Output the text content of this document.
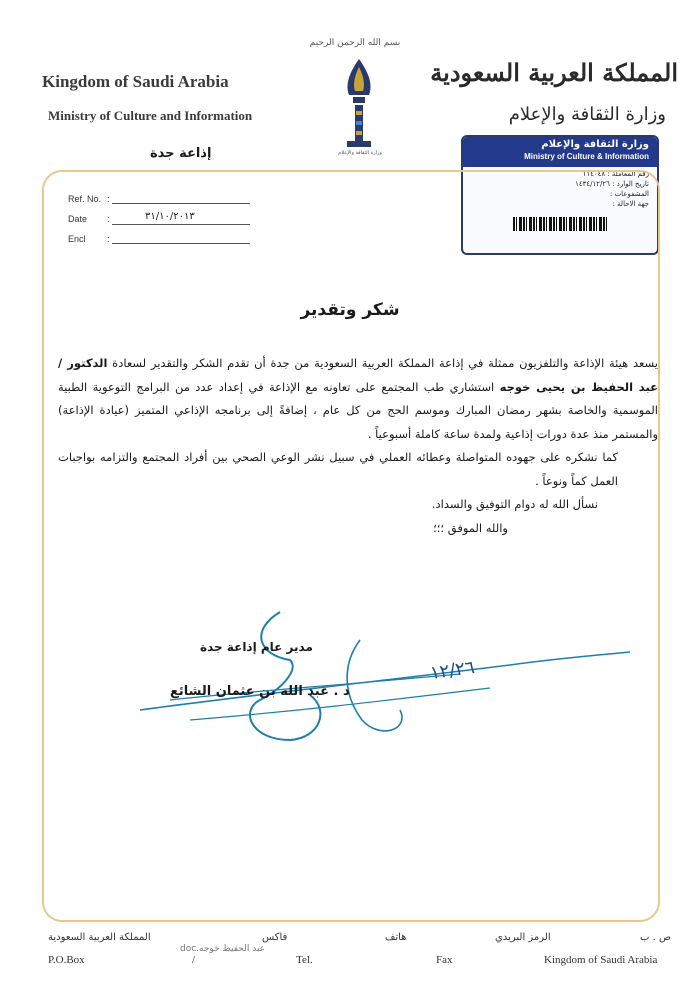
Kingdom of Saudi Arabia
Ministry of Culture and Information
المملكة العربية السعودية
وزارة الثقافة والإعلام
إذاعة جدة
بسم الله الرحمن الرحيم
وزارة الثقافة والإعلام
وزارة الثقافة والإعلام
Ministry of Culture & Information
رقم المعاملة : ١١٤٠٤٨
تاريخ الوارد : ١٤٣٤/١٢/٢٦
المشفوعات :
جهة الاحالة :
Ref. No. :
Date :	٣١/١٠/٢٠١٣
Encl :
شكر وتقدير

يسعد هيئة الإذاعة والتلفزيون ممثلة في إذاعة المملكة العربية السعودية من جدة أن تقدم الشكر والتقدير لسعادة الدكتور / عبد الحفيظ بن يحيى خوجه استشاري طب المجتمع على تعاونه مع الإذاعة في إعداد عدد من البرامج التوعوية الطبية الموسمية والخاصة بشهر رمضان المبارك وموسم الحج من كل عام ، إضافةً إلى برنامجه الإذاعي المتميز (عيادة الإذاعة) والمستمر منذ عدة دورات إذاعية ولمدة ساعة كاملة أسبوعياً .

كما نشكره على جهوده المتواصلة وعطائه العملي في سبيل نشر الوعي الصحي بين أفراد المجتمع والتزامه بواجبات العمل كماً ونوعاً .

نسأل الله له دوام التوفيق والسداد.

والله الموفق ؛؛؛

مدير عام إذاعة جدة
د . عبد الله بن عثمان الشائع
١٢/٢٦
المملكة العربية السعودية
عبد الحفيظ خوجه.doc
فاكس	هاتف	الرمز البريدي	ص . ب
P.O.Box	/	Tel.	Fax	Kingdom of Saudi Arabia
